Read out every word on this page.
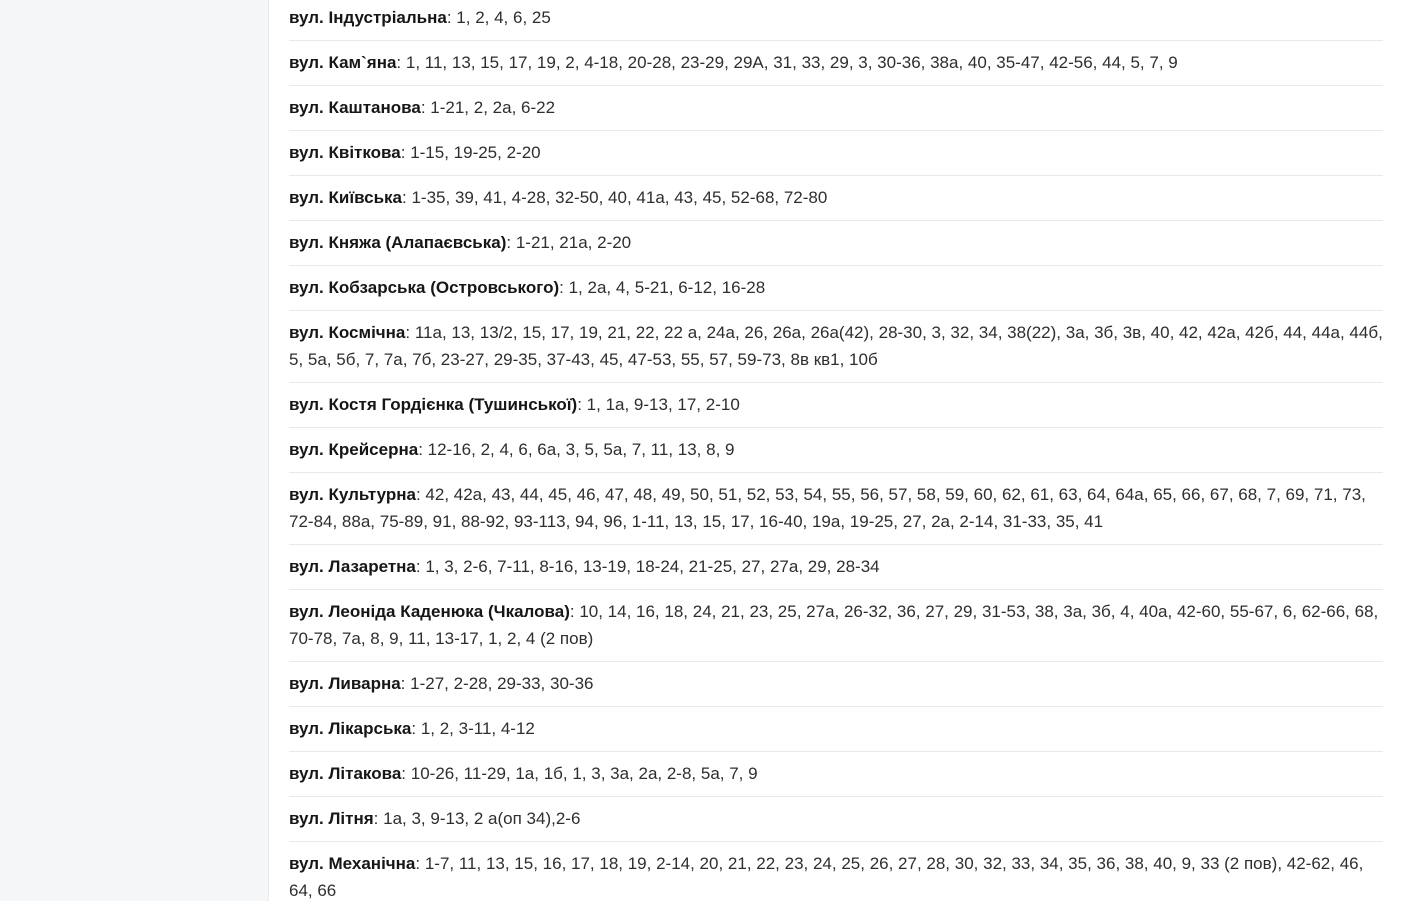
вул. Індустріальна: 1, 2, 4, 6, 25
вул. Кам`яна: 1, 11, 13, 15, 17, 19, 2, 4-18, 20-28, 23-29, 29А, 31, 33, 29, 3, 30-36, 38а, 40, 35-47, 42-56, 44, 5, 7, 9
вул. Каштанова: 1-21, 2, 2а, 6-22
вул. Квіткова: 1-15, 19-25, 2-20
вул. Київська: 1-35, 39, 41, 4-28, 32-50, 40, 41а, 43, 45, 52-68, 72-80
вул. Княжа (Алапаєвська): 1-21, 21а, 2-20
вул. Кобзарська (Островського): 1, 2а, 4, 5-21, 6-12, 16-28
вул. Космічна: 11а, 13, 13/2, 15, 17, 19, 21, 22, 22 а, 24а, 26, 26а, 26а(42), 28-30, 3, 32, 34, 38(22), 3а, 3б, 3в, 40, 42, 42а, 42б, 44, 44а, 44б, 5, 5а, 5б, 7, 7а, 7б, 23-27, 29-35, 37-43, 45, 47-53, 55, 57, 59-73, 8в кв1, 10б
вул. Костя Гордієнка (Тушинської): 1, 1а, 9-13, 17, 2-10
вул. Крейсерна: 12-16, 2, 4, 6, 6а, 3, 5, 5а, 7, 11, 13, 8, 9
вул. Культурна: 42, 42а, 43, 44, 45, 46, 47, 48, 49, 50, 51, 52, 53, 54, 55, 56, 57, 58, 59, 60, 62, 61, 63, 64, 64а, 65, 66, 67, 68, 7, 69, 71, 73, 72-84, 88а, 75-89, 91, 88-92, 93-113, 94, 96, 1-11, 13, 15, 17, 16-40, 19а, 19-25, 27, 2а, 2-14, 31-33, 35, 41
вул. Лазаретна: 1, 3, 2-6, 7-11, 8-16, 13-19, 18-24, 21-25, 27, 27а, 29, 28-34
вул. Леоніда Каденюка (Чкалова): 10, 14, 16, 18, 24, 21, 23, 25, 27а, 26-32, 36, 27, 29, 31-53, 38, 3а, 3б, 4, 40а, 42-60, 55-67, 6, 62-66, 68, 70-78, 7а, 8, 9, 11, 13-17, 1, 2, 4 (2 пов)
вул. Ливарна: 1-27, 2-28, 29-33, 30-36
вул. Лікарська: 1, 2, 3-11, 4-12
вул. Літакова: 10-26, 11-29, 1а, 1б, 1, 3, 3а, 2а, 2-8, 5а, 7, 9
вул. Літня: 1а, 3, 9-13, 2 а(оп 34),2-6
вул. Механічна: 1-7, 11, 13, 15, 16, 17, 18, 19, 2-14, 20, 21, 22, 23, 24, 25, 26, 27, 28, 30, 32, 33, 34, 35, 36, 38, 40, 9, 33 (2 пов), 42-62, 46, 64, 66
